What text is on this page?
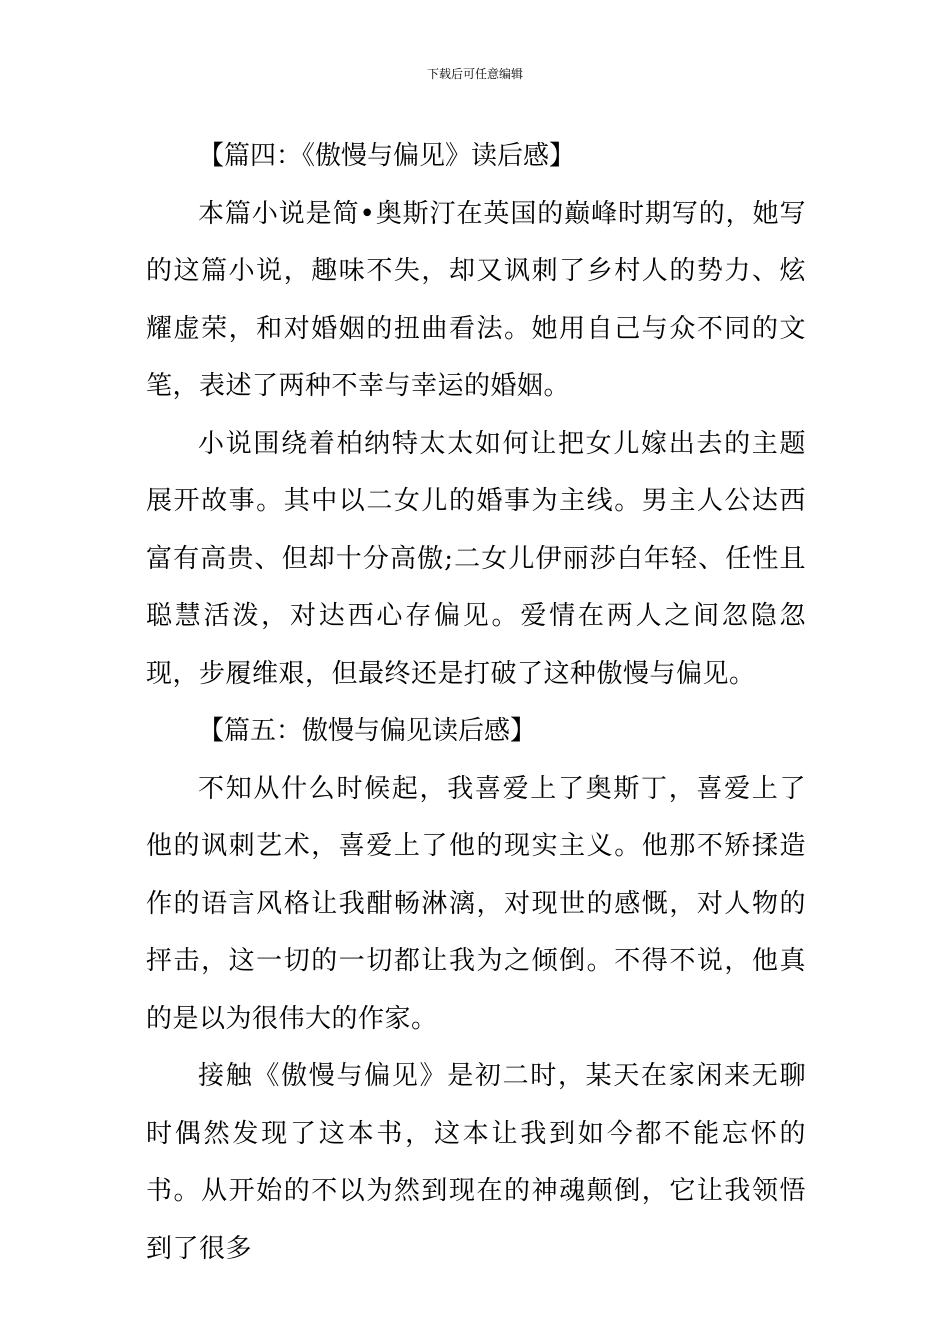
下载后可任意编辑

【篇四：《傲慢与偏见》读后感】

本篇小说是简•奥斯汀在英国的巅峰时期写的，她写的这篇小说，趣味不失，却又讽刺了乡村人的势力、炫耀虚荣，和对婚姻的扭曲看法。她用自己与众不同的文笔，表述了两种不幸与幸运的婚姻。

小说围绕着柏纳特太太如何让把女儿嫁出去的主题展开故事。其中以二女儿的婚事为主线。男主人公达西富有高贵、但却十分高傲;二女儿伊丽莎白年轻、任性且聪慧活泼，对达西心存偏见。爱情在两人之间忽隐忽现，步履维艰，但最终还是打破了这种傲慢与偏见。

【篇五：傲慢与偏见读后感】

不知从什么时候起，我喜爱上了奥斯丁，喜爱上了他的讽刺艺术，喜爱上了他的现实主义。他那不矫揉造作的语言风格让我酣畅淋漓，对现世的感慨，对人物的抨击，这一切的一切都让我为之倾倒。不得不说，他真的是以为很伟大的作家。

接触《傲慢与偏见》是初二时，某天在家闲来无聊时偶然发现了这本书，这本让我到如今都不能忘怀的书。从开始的不以为然到现在的神魂颠倒，它让我领悟到了很多
